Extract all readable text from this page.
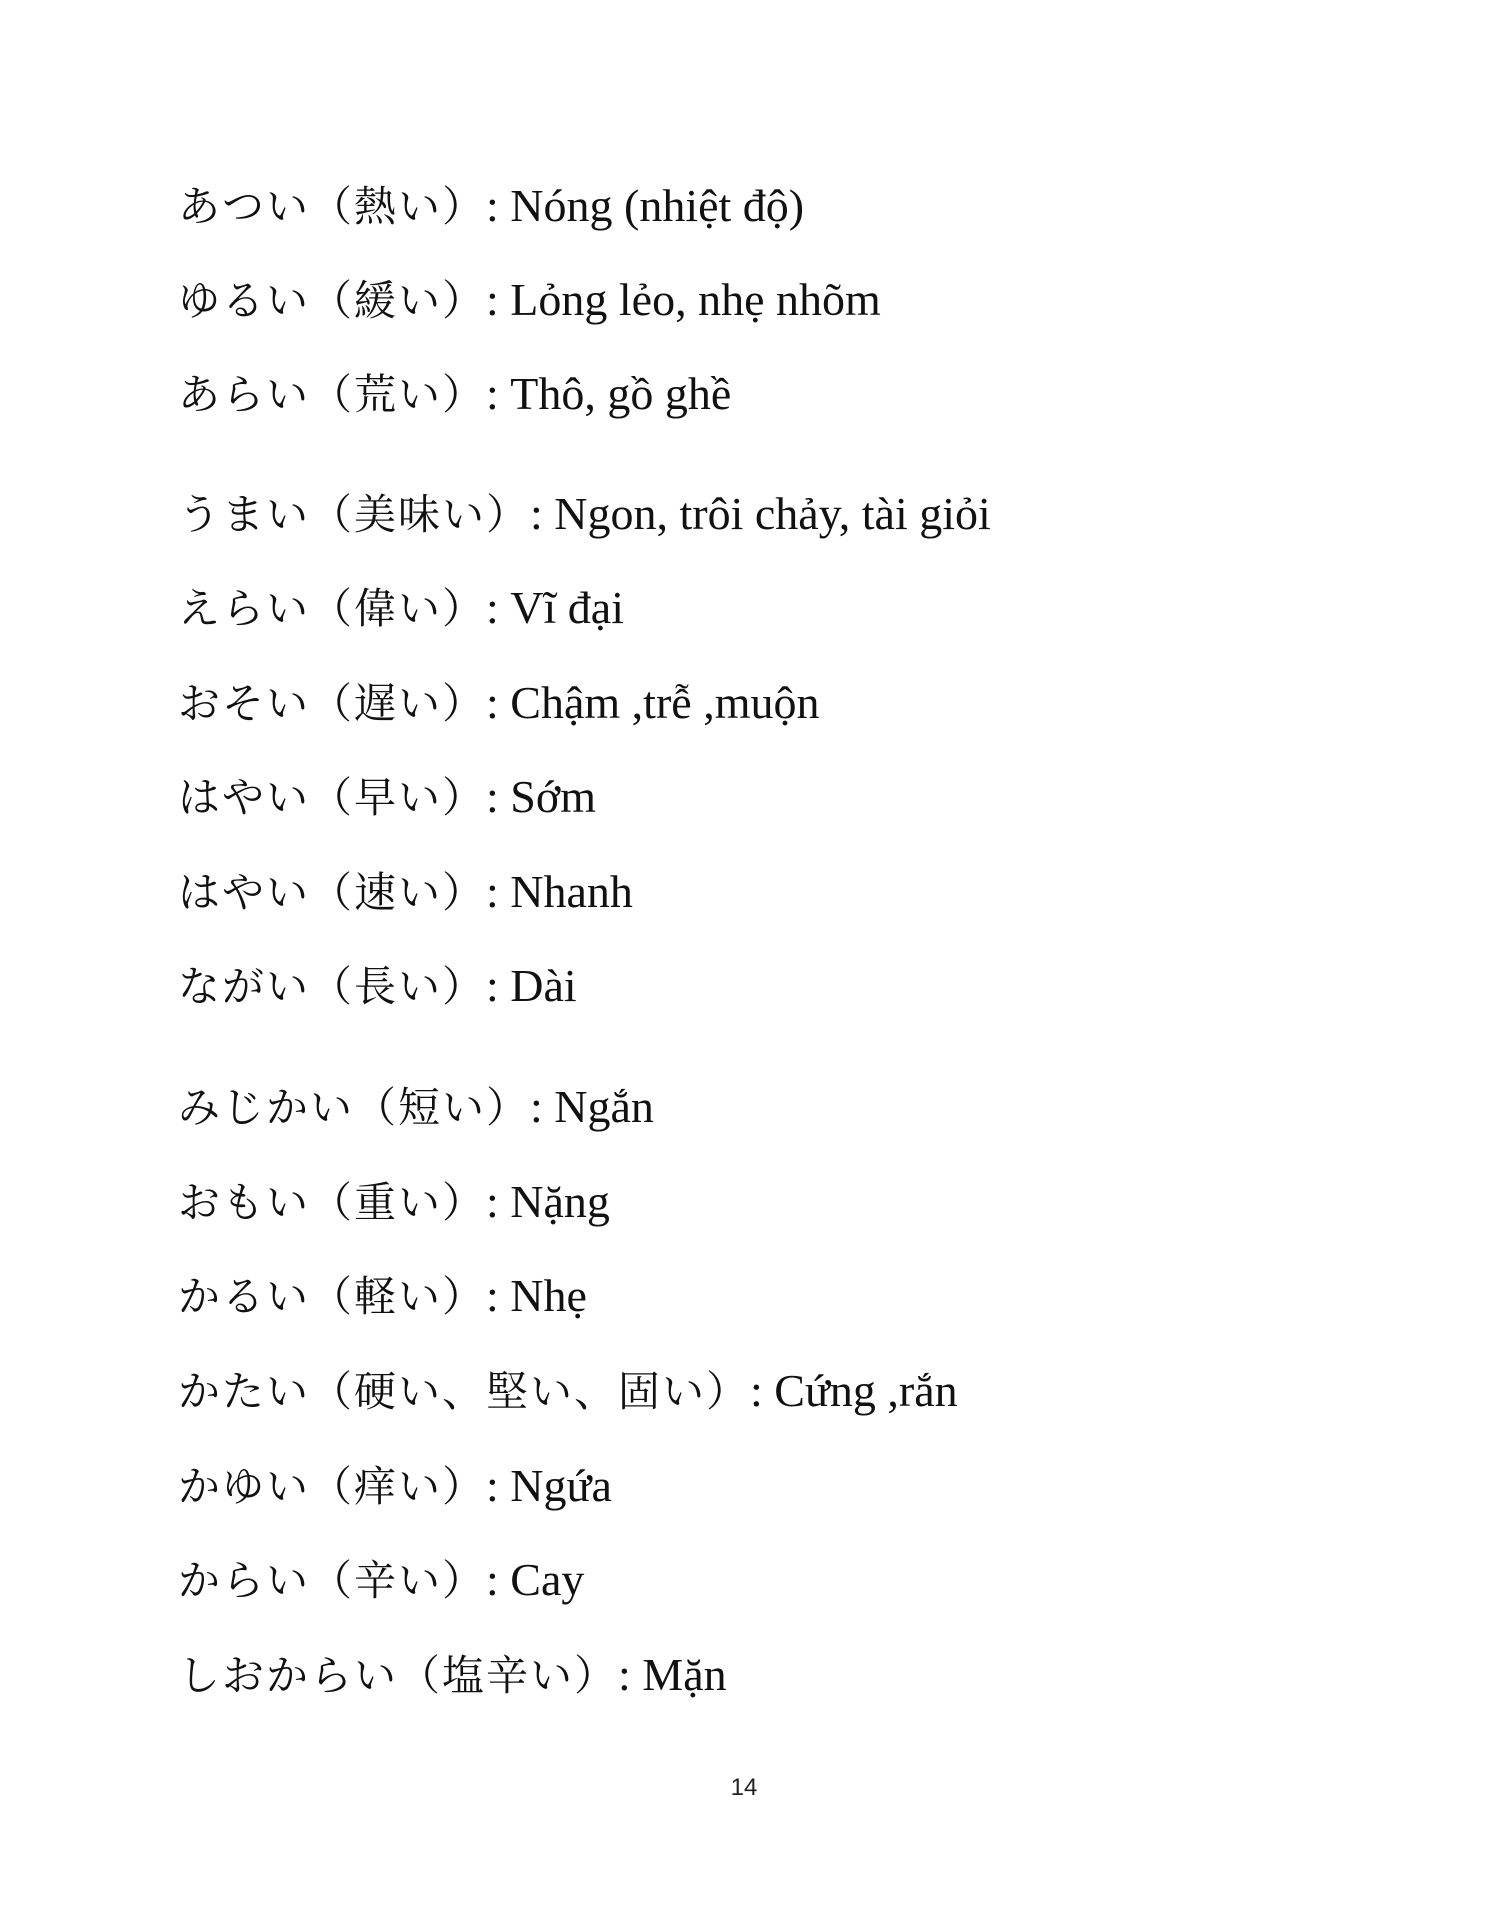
あつい（熱い）: Nóng (nhiệt độ)
ゆるい（緩い）: Lỏng lẻo, nhẹ nhõm
あらい（荒い）: Thô, gồ ghề
うまい（美味い）: Ngon, trôi chảy, tài giỏi
えらい（偉い）: Vĩ đại
おそい（遅い）: Chậm ,trễ ,muộn
はやい（早い）: Sớm
はやい（速い）: Nhanh
ながい（長い）: Dài
みじかい（短い）: Ngắn
おもい（重い）: Nặng
かるい（軽い）: Nhẹ
かたい（硬い、堅い、固い）: Cứng ,rắn
かゆい（痒い）: Ngứa
からい（辛い）: Cay
しおからい（塩辛い）: Mặn
14
